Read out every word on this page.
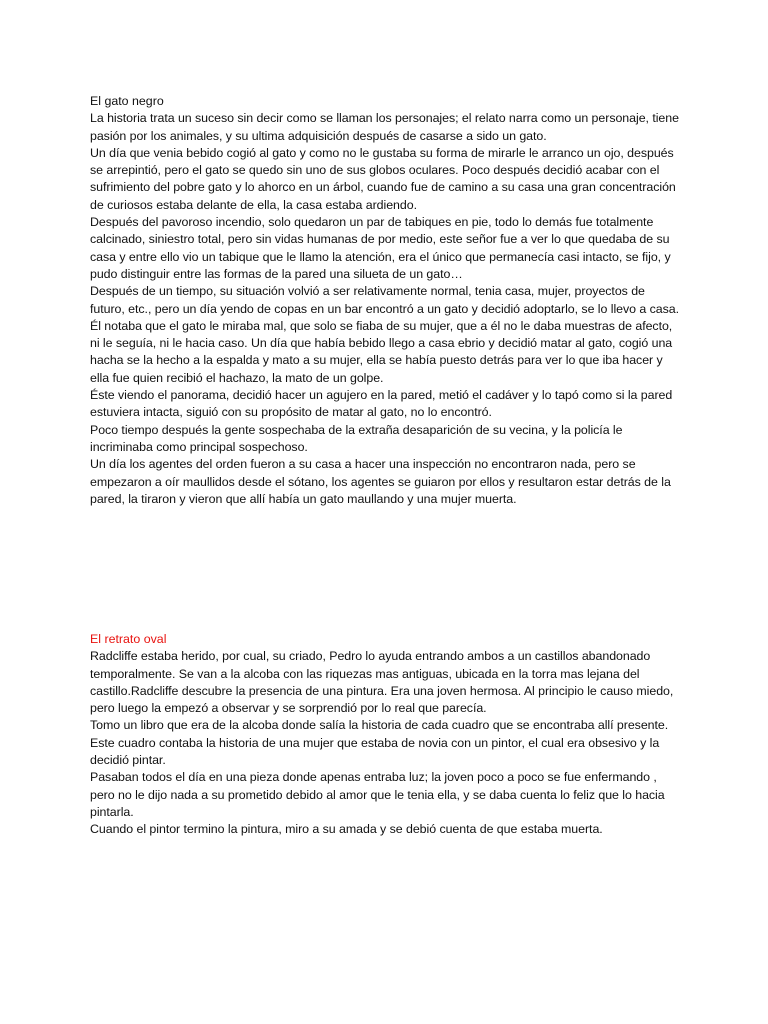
El gato negro
La historia trata un suceso sin decir como se llaman los personajes; el relato narra como un personaje, tiene pasión por los animales, y su ultima adquisición después de casarse a sido un gato.
Un día que venia bebido cogió al gato y como no le gustaba su forma de mirarle le arranco un ojo, después se arrepintió, pero el gato se quedo sin uno de sus globos oculares. Poco después decidió acabar con el sufrimiento del pobre gato y lo ahorco en un árbol, cuando fue de camino a su casa una gran concentración de curiosos estaba delante de ella, la casa estaba ardiendo.
Después del pavoroso incendio, solo quedaron un par de tabiques en pie, todo lo demás fue totalmente calcinado, siniestro total, pero sin vidas humanas de por medio, este señor fue a ver lo que quedaba de su casa y entre ello vio un tabique que le llamo la atención, era el único que permanecía casi intacto, se fijo, y pudo distinguir entre las formas de la pared una silueta de un gato…
Después de un tiempo, su situación volvió a ser relativamente normal, tenia casa, mujer, proyectos de futuro, etc., pero un día yendo de copas en un bar encontró a un gato y decidió adoptarlo, se lo llevo a casa.
Él notaba que el gato le miraba mal, que solo se fiaba de su mujer, que a él no le daba muestras de afecto, ni le seguía, ni le hacia caso. Un día que había bebido llego a casa ebrio y decidió matar al gato, cogió una hacha se la hecho a la espalda y mato a su mujer, ella se había puesto detrás para ver lo que iba hacer y ella fue quien recibió el hachazo, la mato de un golpe.
Éste viendo el panorama, decidió hacer un agujero en la pared, metió el cadáver y lo tapó como si la pared estuviera intacta, siguió con su propósito de matar al gato, no lo encontró.
Poco tiempo después la gente sospechaba de la extraña desaparición de su vecina, y la policía le incriminaba como principal sospechoso.
Un día los agentes del orden fueron a su casa a hacer una inspección no encontraron nada, pero se empezaron a oír maullidos desde el sótano, los agentes se guiaron por ellos y resultaron estar detrás de la pared, la tiraron y vieron que allí había un gato maullando y una mujer muerta.
El retrato oval
Radcliffe estaba herido, por cual, su criado, Pedro lo ayuda entrando ambos a un castillos abandonado temporalmente. Se van a la alcoba con las riquezas mas antiguas, ubicada en la torra mas lejana del castillo.Radcliffe descubre la presencia de una pintura. Era una joven hermosa. Al principio le causo miedo, pero luego la empezó a observar y se sorprendió por lo real que parecía.
Tomo un libro que era de la alcoba donde salía la historia de cada cuadro que se encontraba allí presente.
Este cuadro contaba la historia de una mujer que estaba de novia con un pintor, el cual era obsesivo y la decidió pintar.
Pasaban todos el día en una pieza donde apenas entraba luz; la joven poco a poco se fue enfermando , pero no le dijo nada a su prometido debido al amor que le tenia ella, y se daba cuenta lo feliz que lo hacia pintarla.
Cuando el pintor termino la pintura, miro a su amada y se debió cuenta de que estaba muerta.
